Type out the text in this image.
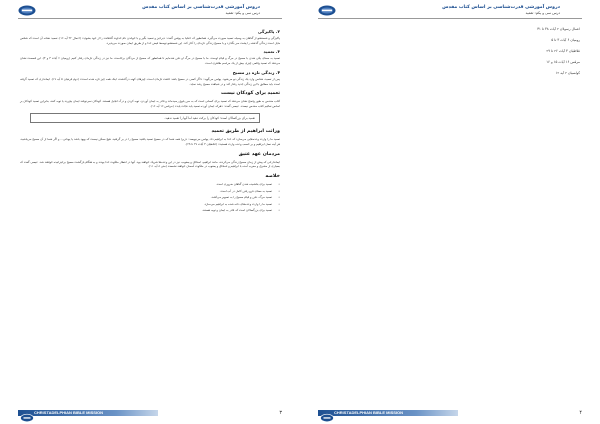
دروس آموزشی قدرت‌شناسی بر اساس کتاب مقدس
درس سی و یکم: تعمید
۲. پاکیزگی
پاکیزگی و شستشو از گناهان به وسیله تعمید صورت می‌گیرد. همانطور که حنانیا به پولس گفت: «برخیز و تعمید بگیر و با خواندن نام خداوند گناهانت را از خود بشوی» (اعمال ۲۲ آیه ۱۶). تعمید نشانه آن است که شخص مایل است زندگی گذشته را پشت سر بگذارد و با مسیح زندگی تازه‌ای را آغاز کند. این شستشو توسط فیض خدا و از طریق ایمان صورت می‌پذیرد.
۳. تعمید
تعمید به معنای یکی شدن با مسیح در مرگ و قیام اوست. ما با مسیح در مرگ او دفن شده‌ایم تا همانطور که مسیح از مردگان برخاست، ما نیز در زندگی تازه‌ای رفتار کنیم (رومیان ۶ آیات ۳ و ۴). این قسمت نشان می‌دهد که تعمید واقعی چیزی بیش از یک مراسم ظاهری است.
۴. زندگی تازه در مسیح
پس از تعمید، شخص وارد یک زندگی نو می‌شود. پولس می‌گوید: «اگر کسی در مسیح باشد خلقت تازه‌ای است، چیزهای کهنه درگذشت، اینک همه چیز تازه شده است» (دوم قرنتیان ۵ آیه ۱۷). ایمانداری که تعمید گرفته است باید مطابق با این زندگی جدید رفتار کند و در شباهت مسیح رشد نماید.
تعمید برای کودکان نیست
کتاب مقدس به طور واضح نشان می‌دهد که تعمید برای کسانی است که به سن بلوغ رسیده‌اند و قادر به ایمان آوردن، توبه کردن و درک انجیل هستند. کودکان نمی‌توانند ایمان بیاورند یا توبه کنند، بنابراین تعمید کودکان بر اساس تعالیم کتاب مقدس نیست. عیسی گفت: «هرکه ایمان آورده تعمید یابد نجات یابد» (مرقس ۱۶ آیه ۱۶).
تعمید برای بزرگسالان است؛ کودکان را برکت دهید اما آنها را تعمید ندهید.
وراثت ابراهیم از طریق تعمید
تعمید ما را وارث وعده‌هایی می‌سازد که خدا به ابراهیم داد. پولس می‌نویسد: «زیرا همه شما که در مسیح تعمید یافتید مسیح را در بر گرفتید. هیچ ممکن نیست که یهود باشد یا یونانی... و اگر شما از آن مسیح می‌باشید، هر آینه نسل ابراهیم و بر حسب وعده وارث هستید» (غلاطیان ۳ آیات ۲۷ تا ۲۹).
مردمان عهد عتیق
ایماندارانی که پیش از زمان مسیح زندگی می‌کردند، مانند ابراهیم، اسحاق و یعقوب، نیز در این وعده‌ها شریک خواهند بود. آنها در انتظار ملکوت خدا بودند و به هنگام بازگشت مسیح برخیزانیده خواهند شد. عیسی گفت که بسیاری از مشرق و مغرب آمده با ابراهیم و اسحاق و یعقوب در ملکوت آسمان خواهند نشست (متی ۸ آیه ۱۱).
خلاصه
•
تعمید برای بخشیده شدن گناهان ضروری است.
•
تعمید به معنای فرو رفتن کامل در آب است.
•
تعمید مرگ، دفن و قیام مسیح را به تصویر می‌کشد.
•
تعمید ما را وارث وعده‌های داده شده به ابراهیم می‌سازد.
•
تعمید برای بزرگسالان است که قادر به ایمان و توبه هستند.
CHRISTADELPHIAN BIBLE MISSION	۳
دروس آموزشی قدرت‌شناسی بر اساس کتاب مقدس
درس سی و یکم: تعمید
اعمال رسولان ۲ آیات ۳۸ تا ۴۱
رومیان ۶ آیات ۳ تا ۵
غلاطیان ۳ آیات ۲۶ تا ۲۹
مرقس ۱۶ آیات ۱۵ و ۱۶
کولسیان ۲ آیه ۱۲
CHRISTADELPHIAN BIBLE MISSION	۴
